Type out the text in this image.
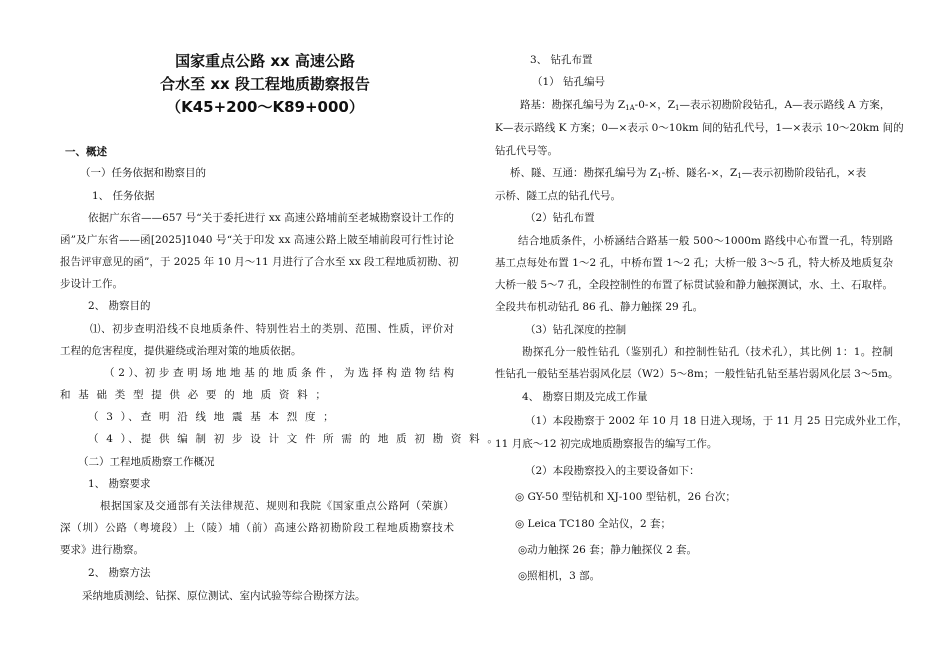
国家重点公路 xx 高速公路
合水至 xx 段工程地质勘察报告
（K45+200～K89+000）
一、概述
（一）任务依据和勘察目的
1、 任务依据
依据广东省——657 号“关于委托进行 xx 高速公路埔前至老城勘察设计工作的
函”及广东省——函[2025]1040 号“关于印发 xx 高速公路上陂至埔前段可行性讨论
报告评审意见的函”，于 2025 年 10 月～11 月进行了合水至 xx 段工程地质初勘、初
步设计工作。
2、 勘察目的
⑴、初步查明沿线不良地质条件、特别性岩土的类别、范围、性质，评价对
工程的危害程度，提供避绕或治理对策的地质依据。
（ 2 ）、初 步 查 明 场 地 地 基 的 地 质 条 件 ， 为 选 择 构 造 物 结 构
和 基 础 类 型 提 供 必 要 的 地 质 资 料 ；
（ 3 ）、查 明 沿 线 地 震 基 本 烈 度 ；
（ 4 ）、提 供 编 制 初 步 设 计 文 件 所 需 的 地 质 初 勘 资 料 。
（二）工程地质勘察工作概况
1、 勘察要求
根据国家及交通部有关法律规范、规则和我院《国家重点公路阿（荣旗）
深（圳）公路（粤境段）上（陵）埔（前）高速公路初勘阶段工程地质勘察技术
要求》进行勘察。
2、 勘察方法
采纳地质测绘、钻探、原位测试、室内试验等综合勘探方法。
3、 钻孔布置
（1） 钻孔编号
路基：勘探孔编号为 $Z_{1A}-0-\times$，$Z_1—$表示初勘阶段钻孔，A—表示路线 A 方案，
K—表示路线 K 方案；0—×表示 0～10km 间的钻孔代号，1—×表示 10～20km 间的
钻孔代号等。
桥、隧、互通：勘探孔编号为 $Z_1-$桥、隧名-×，$Z_1—$表示初勘阶段钻孔，×表
示桥、隧工点的钻孔代号。
（2）钻孔布置
结合地质条件，小桥涵结合路基一般 500～1000m 路线中心布置一孔，特别路
基工点每处布置 1～2 孔，中桥布置 1～2 孔；大桥一般 3～5 孔，特大桥及地质复杂
大桥一般 5～7 孔，全段控制性的布置了标贯试验和静力触探测试，水、土、石取样。
全段共布机动钻孔 86 孔、静力触探 29 孔。
（3）钻孔深度的控制
勘探孔分一般性钻孔（鉴别孔）和控制性钻孔（技术孔），其比例 1：1。控制
性钻孔一般钻至基岩弱风化层（W2）5～8m；一般性钻孔钻至基岩弱风化层 3～5m。
4、 勘察日期及完成工作量
（1）本段勘察于 2002 年 10 月 18 日进入现场，于 11 月 25 日完成外业工作，
11 月底～12 初完成地质勘察报告的编写工作。
（2）本段勘察投入的主要设备如下：
◎ GY-50 型钻机和 XJ-100 型钻机，26 台次；
◎ Leica TC180 全站仪，2 套；
◎动力触探 26 套；静力触探仪 2 套。
◎照相机，3 部。
